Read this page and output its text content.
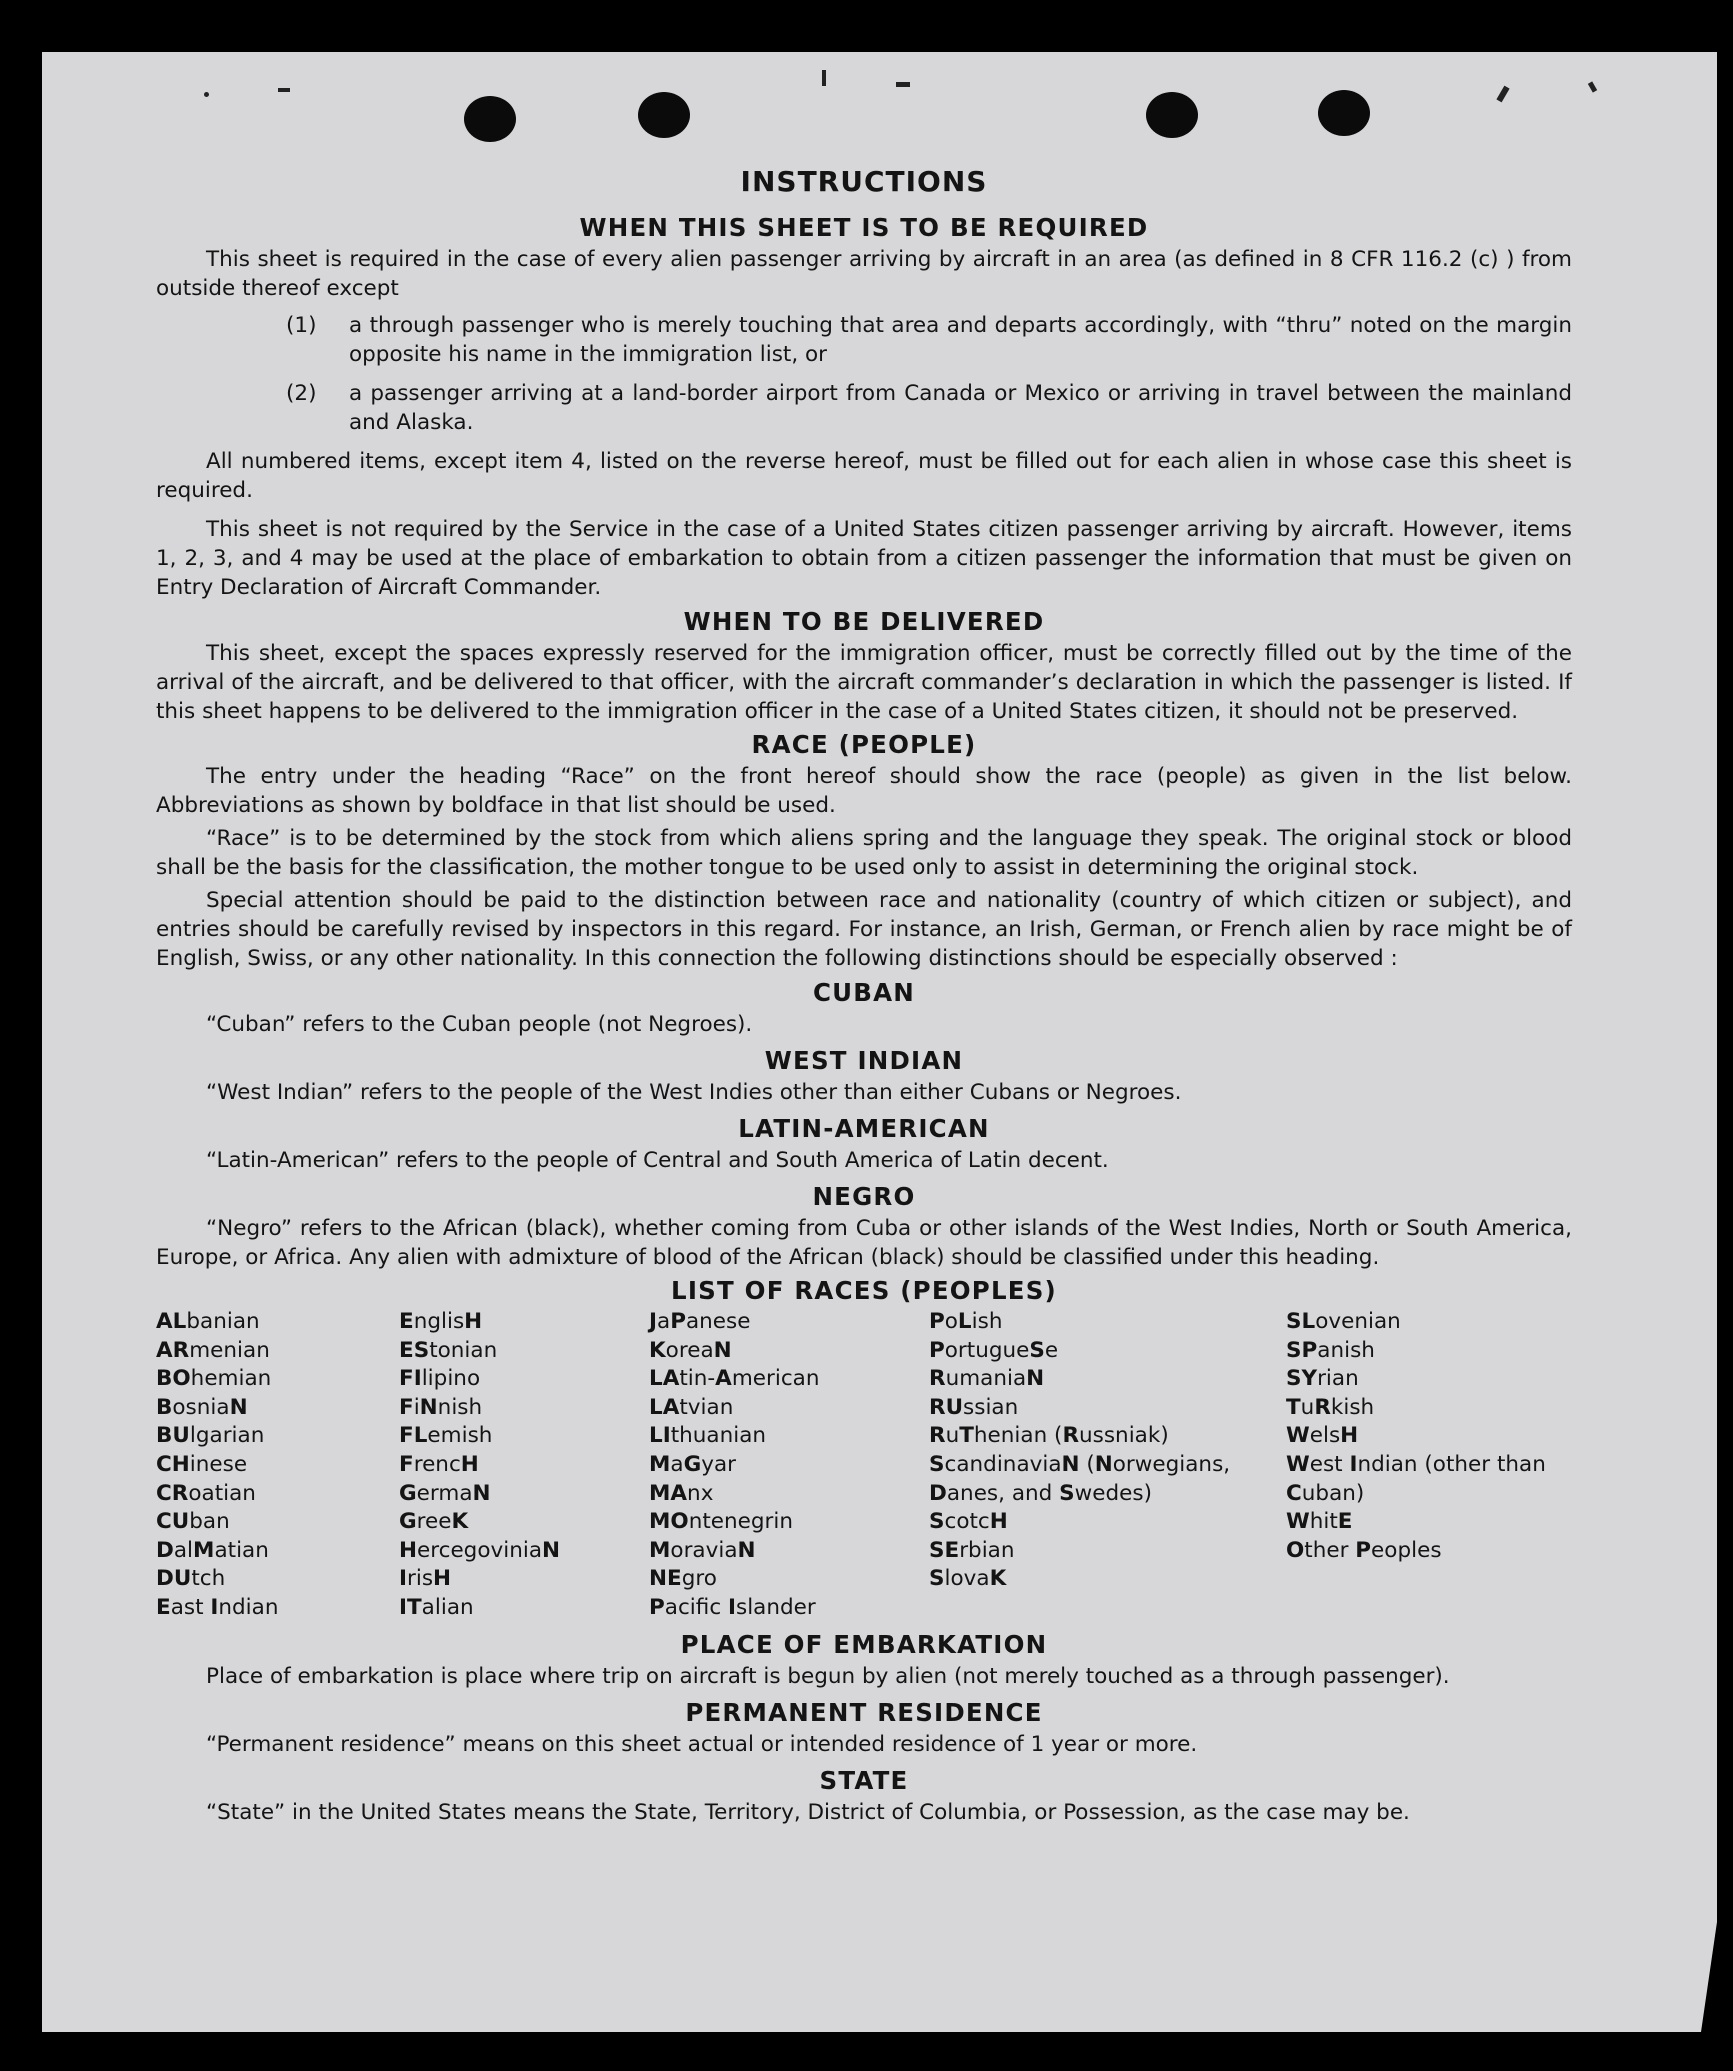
INSTRUCTIONS
WHEN THIS SHEET IS TO BE REQUIRED
This sheet is required in the case of every alien passenger arriving by aircraft in an area (as defined in 8 CFR 116.2 (c) ) from outside thereof except
(1)	a through passenger who is merely touching that area and departs accordingly, with “thru” noted on the margin opposite his name in the immigration list, or
(2)	a passenger arriving at a land-border airport from Canada or Mexico or arriving in travel between the mainland and Alaska.
All numbered items, except item 4, listed on the reverse hereof, must be filled out for each alien in whose case this sheet is required.
This sheet is not required by the Service in the case of a United States citizen passenger arriving by aircraft. However, items 1, 2, 3, and 4 may be used at the place of embarkation to obtain from a citizen passenger the information that must be given on Entry Declaration of Aircraft Commander.
WHEN TO BE DELIVERED
This sheet, except the spaces expressly reserved for the immigration officer, must be correctly filled out by the time of the arrival of the aircraft, and be delivered to that officer, with the aircraft commander’s declaration in which the passenger is listed. If this sheet happens to be delivered to the immigration officer in the case of a United States citizen, it should not be preserved.
RACE (PEOPLE)
The entry under the heading “Race” on the front hereof should show the race (people) as given in the list below. Abbreviations as shown by boldface in that list should be used.
“Race” is to be determined by the stock from which aliens spring and the language they speak. The original stock or blood shall be the basis for the classification, the mother tongue to be used only to assist in determining the original stock.
Special attention should be paid to the distinction between race and nationality (country of which citizen or subject), and entries should be carefully revised by inspectors in this regard. For instance, an Irish, German, or French alien by race might be of English, Swiss, or any other nationality. In this connection the following distinctions should be especially observed :
CUBAN
“Cuban” refers to the Cuban people (not Negroes).
WEST INDIAN
“West Indian” refers to the people of the West Indies other than either Cubans or Negroes.
LATIN-AMERICAN
“Latin-American” refers to the people of Central and South America of Latin decent.
NEGRO
“Negro” refers to the African (black), whether coming from Cuba or other islands of the West Indies, North or South America, Europe, or Africa. Any alien with admixture of blood of the African (black) should be classified under this heading.
LIST OF RACES (PEOPLES)
ALbanian
ARmenian
BOhemian
BosniaN
BUlgarian
CHinese
CRoatian
CUban
DalMatian
DUtch
East Indian
EnglisH
EStonian
FIlipino
FiNnish
FLemish
FrencH
GermaN
GreeK
HercegoviniaN
IrisH
ITalian
JaPanese
KoreaN
LAtin-American
LAtvian
LIthuanian
MaGyar
MAnx
MOntenegrin
MoraviaN
NEgro
Pacifc Islander
PoLish
PortugueSe
RumaniaN
RUssian
RuThenian (Russniak)
ScandinaviaN (Norwegians, Danes, and Swedes)
ScotcH
SErbian
SlovaK
SLovenian
SPanish
SYrian
TuRkish
WelsH
West Indian (other than Cuban)
WhitE
Other Peoples
PLACE OF EMBARKATION
Place of embarkation is place where trip on aircraft is begun by alien (not merely touched as a through passenger).
PERMANENT RESIDENCE
“Permanent residence” means on this sheet actual or intended residence of 1 year or more.
STATE
“State” in the United States means the State, Territory, District of Columbia, or Possession, as the case may be.
